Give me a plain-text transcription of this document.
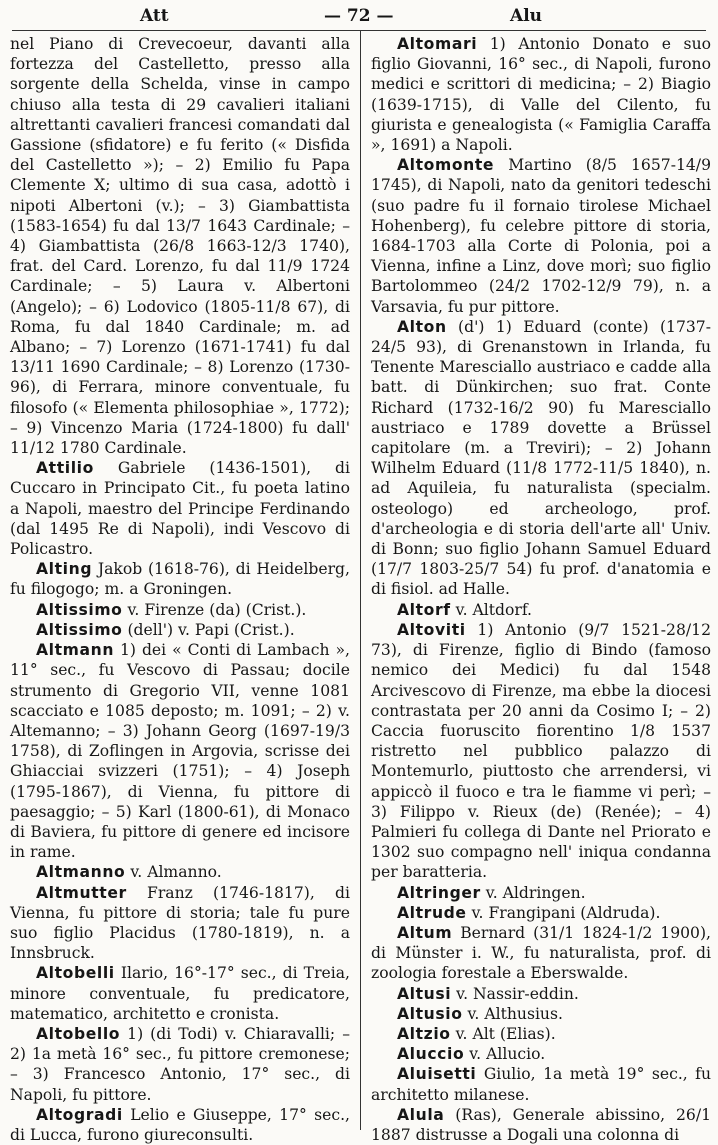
Att	— 72 —	Alu
nel Piano di Crevecoeur, davanti alla fortezza del Castelletto, presso alla sorgente della Schelda, vinse in campo chiuso alla testa di 29 cavalieri italiani altrettanti cavalieri francesi comandati dal Gassione (sfidatore) e fu ferito (« Disfida del Castelletto »); – 2) Emilio fu Papa Clemente X; ultimo di sua casa, adottò i nipoti Albertoni (v.); – 3) Giambattista (1583-1654) fu dal 13/7 1643 Cardinale; – 4) Giambattista (26/8 1663-12/3 1740), frat. del Card. Lorenzo, fu dal 11/9 1724 Cardinale; – 5) Laura v. Albertoni (Angelo); – 6) Lodovico (1805-11/8 67), di Roma, fu dal 1840 Cardinale; m. ad Albano; – 7) Lorenzo (1671-1741) fu dal 13/11 1690 Cardinale; – 8) Lorenzo (1730-96), di Ferrara, minore conventuale, fu filosofo (« Elementa philosophiae », 1772); – 9) Vincenzo Maria (1724-1800) fu dall' 11/12 1780 Cardinale.
Attilio Gabriele (1436-1501), di Cuccaro in Principato Cit., fu poeta latino a Napoli, maestro del Principe Ferdinando (dal 1495 Re di Napoli), indi Vescovo di Policastro.
Alting Jakob (1618-76), di Heidelberg, fu filogogo; m. a Groningen.
Altissimo v. Firenze (da) (Crist.).
Altissimo (dell') v. Papi (Crist.).
Altmann 1) dei « Conti di Lambach », 11° sec., fu Vescovo di Passau; docile strumento di Gregorio VII, venne 1081 scacciato e 1085 deposto; m. 1091; – 2) v. Altemanno; – 3) Johann Georg (1697-19/3 1758), di Zoflingen in Argovia, scrisse dei Ghiacciai svizzeri (1751); – 4) Joseph (1795-1867), di Vienna, fu pittore di paesaggio; – 5) Karl (1800-61), di Monaco di Baviera, fu pittore di genere ed incisore in rame.
Altmanno v. Almanno.
Altmutter Franz (1746-1817), di Vienna, fu pittore di storia; tale fu pure suo figlio Placidus (1780-1819), n. a Innsbruck.
Altobelli Ilario, 16°-17° sec., di Treia, minore conventuale, fu predicatore, matematico, architetto e cronista.
Altobello 1) (di Todi) v. Chiaravalli; – 2) 1a metà 16° sec., fu pittore cremonese; – 3) Francesco Antonio, 17° sec., di Napoli, fu pittore.
Altogradi Lelio e Giuseppe, 17° sec., di Lucca, furono giureconsulti.
Altomari 1) Antonio Donato e suo figlio Giovanni, 16° sec., di Napoli, furono medici e scrittori di medicina; – 2) Biagio (1639-1715), di Valle del Cilento, fu giurista e genealogista (« Famiglia Caraffa », 1691) a Napoli.
Altomonte Martino (8/5 1657-14/9 1745), di Napoli, nato da genitori tedeschi (suo padre fu il fornaio tirolese Michael Hohenberg), fu celebre pittore di storia, 1684-1703 alla Corte di Polonia, poi a Vienna, infine a Linz, dove morì; suo figlio Bartolommeo (24/2 1702-12/9 79), n. a Varsavia, fu pur pittore.
Alton (d') 1) Eduard (conte) (1737-24/5 93), di Grenanstown in Irlanda, fu Tenente Maresciallo austriaco e cadde alla batt. di Dünkirchen; suo frat. Conte Richard (1732-16/2 90) fu Maresciallo austriaco e 1789 dovette a Brüssel capitolare (m. a Treviri); – 2) Johann Wilhelm Eduard (11/8 1772-11/5 1840), n. ad Aquileia, fu naturalista (specialm. osteologo) ed archeologo, prof. d'archeologia e di storia dell'arte all' Univ. di Bonn; suo figlio Johann Samuel Eduard (17/7 1803-25/7 54) fu prof. d'anatomia e di fisiol. ad Halle.
Altorf v. Altdorf.
Altoviti 1) Antonio (9/7 1521-28/12 73), di Firenze, figlio di Bindo (famoso nemico dei Medici) fu dal 1548 Arcivescovo di Firenze, ma ebbe la diocesi contrastata per 20 anni da Cosimo I; – 2) Caccia fuoruscito fiorentino 1/8 1537 ristretto nel pubblico palazzo di Montemurlo, piuttosto che arrendersi, vi appiccò il fuoco e tra le fiamme vi perì; – 3) Filippo v. Rieux (de) (Renée); – 4) Palmieri fu collega di Dante nel Priorato e 1302 suo compagno nell' iniqua condanna per baratteria.
Altringer v. Aldringen.
Altrude v. Frangipani (Aldruda).
Altum Bernard (31/1 1824-1/2 1900), di Münster i. W., fu naturalista, prof. di zoologia forestale a Eberswalde.
Altusi v. Nassir-eddin.
Altusio v. Althusius.
Altzio v. Alt (Elias).
Aluccio v. Allucio.
Aluisetti Giulio, 1a metà 19° sec., fu architetto milanese.
Alula (Ras), Generale abissino, 26/1 1887 distrusse a Dogali una colonna di
